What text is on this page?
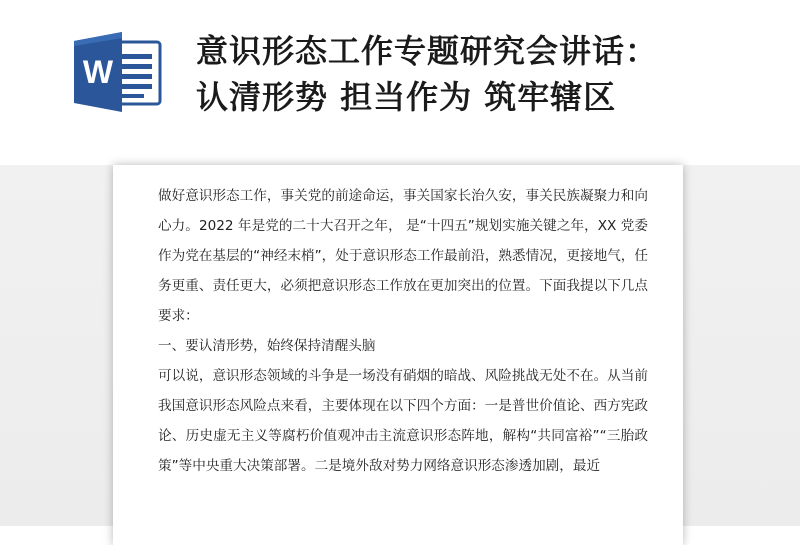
W
意识形态工作专题研究会讲话：
认清形势 担当作为 筑牢辖区

做好意识形态工作，事关党的前途命运，事关国家长治久安，事关民族凝聚力和向心力。2022 年是党的二十大召开之年， 是“十四五”规划实施关键之年，XX 党委作为党在基层的“神经末梢”，处于意识形态工作最前沿，熟悉情况，更接地气，任务更重、责任更大，必须把意识形态工作放在更加突出的位置。下面我提以下几点要求：

一、要认清形势，始终保持清醒头脑

可以说，意识形态领域的斗争是一场没有硝烟的暗战、风险挑战无处不在。从当前我国意识形态风险点来看，主要体现在以下四个方面：一是普世价值论、西方宪政论、历史虚无主义等腐朽价值观冲击主流意识形态阵地，解构“共同富裕”“三胎政策”等中央重大决策部署。二是境外敌对势力网络意识形态渗透加剧，最近
